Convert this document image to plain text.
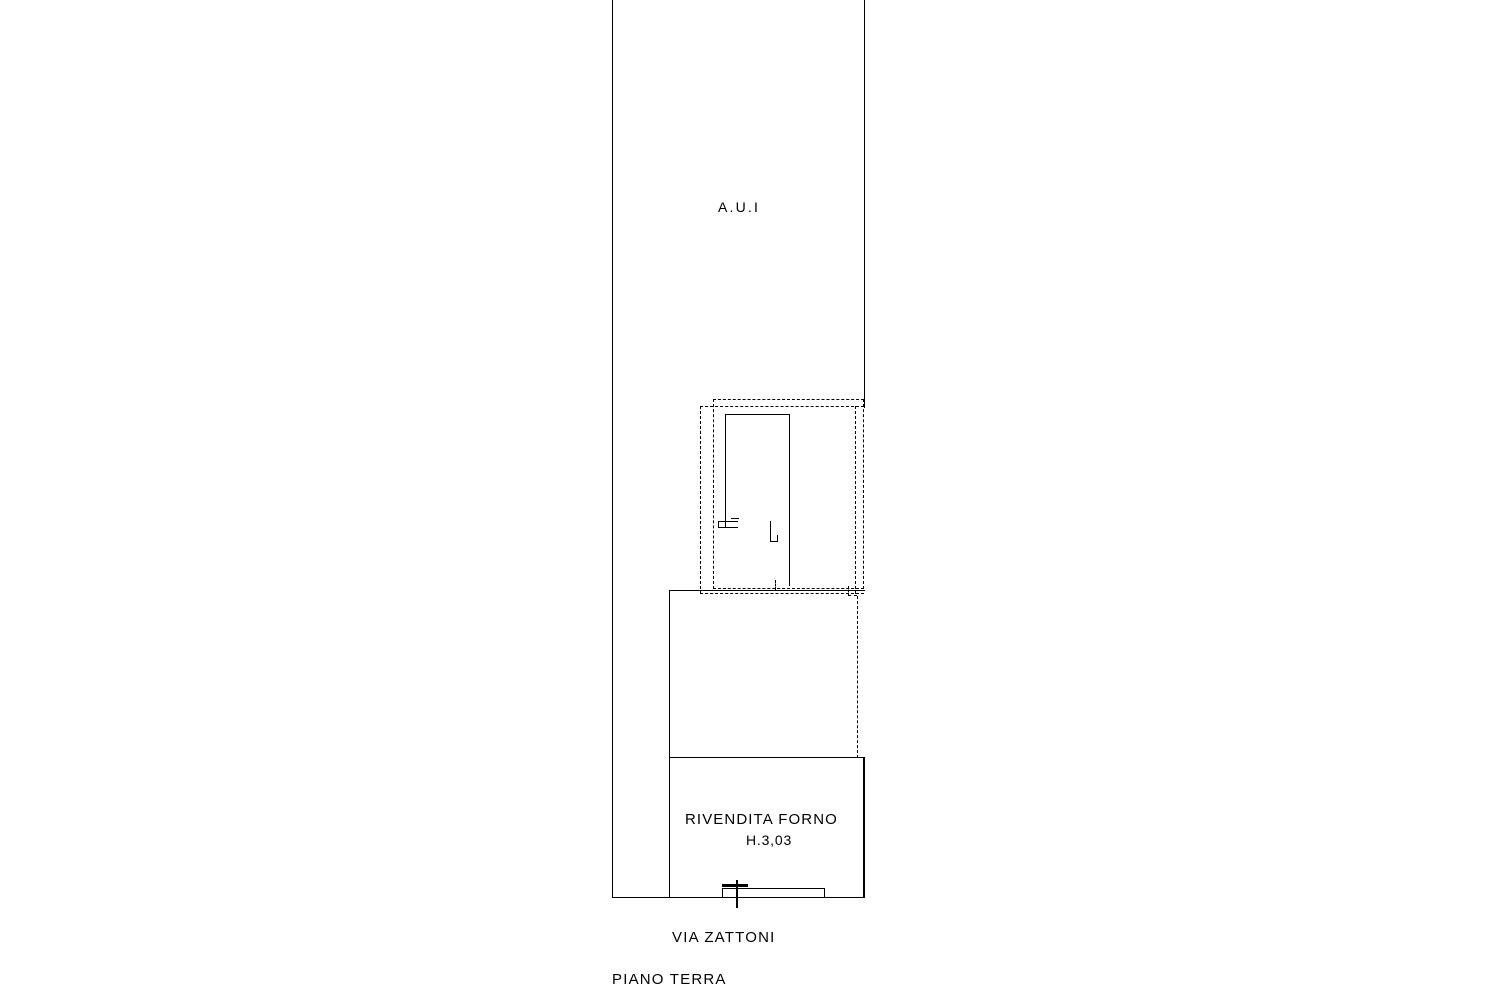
A.U.I
RIVENDITA FORNO
H.3,03
VIA ZATTONI
PIANO TERRA
